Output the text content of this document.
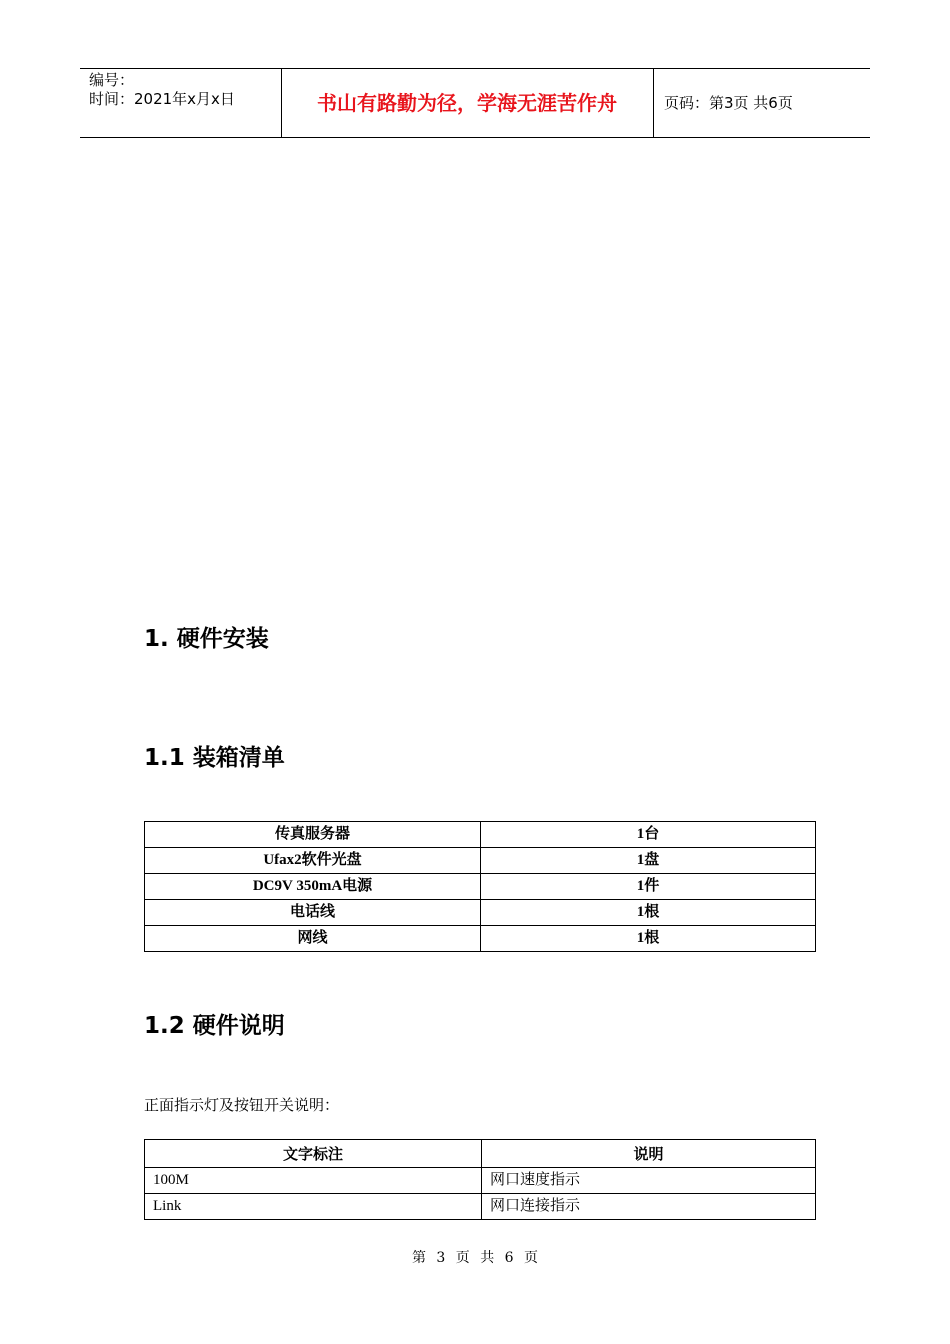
编号：
时间：2021年x月x日	书山有路勤为径，学海无涯苦作舟	页码：第3页 共6页
1. 硬件安装
1.1 装箱清单
传真服务器	1台
Ufax2软件光盘	1盘
DC9V 350mA电源	1件
电话线	1根
网线	1根
1.2 硬件说明
正面指示灯及按钮开关说明：
文字标注	说明
100M	网口速度指示
Link	网口连接指示
第 3 页 共 6 页
